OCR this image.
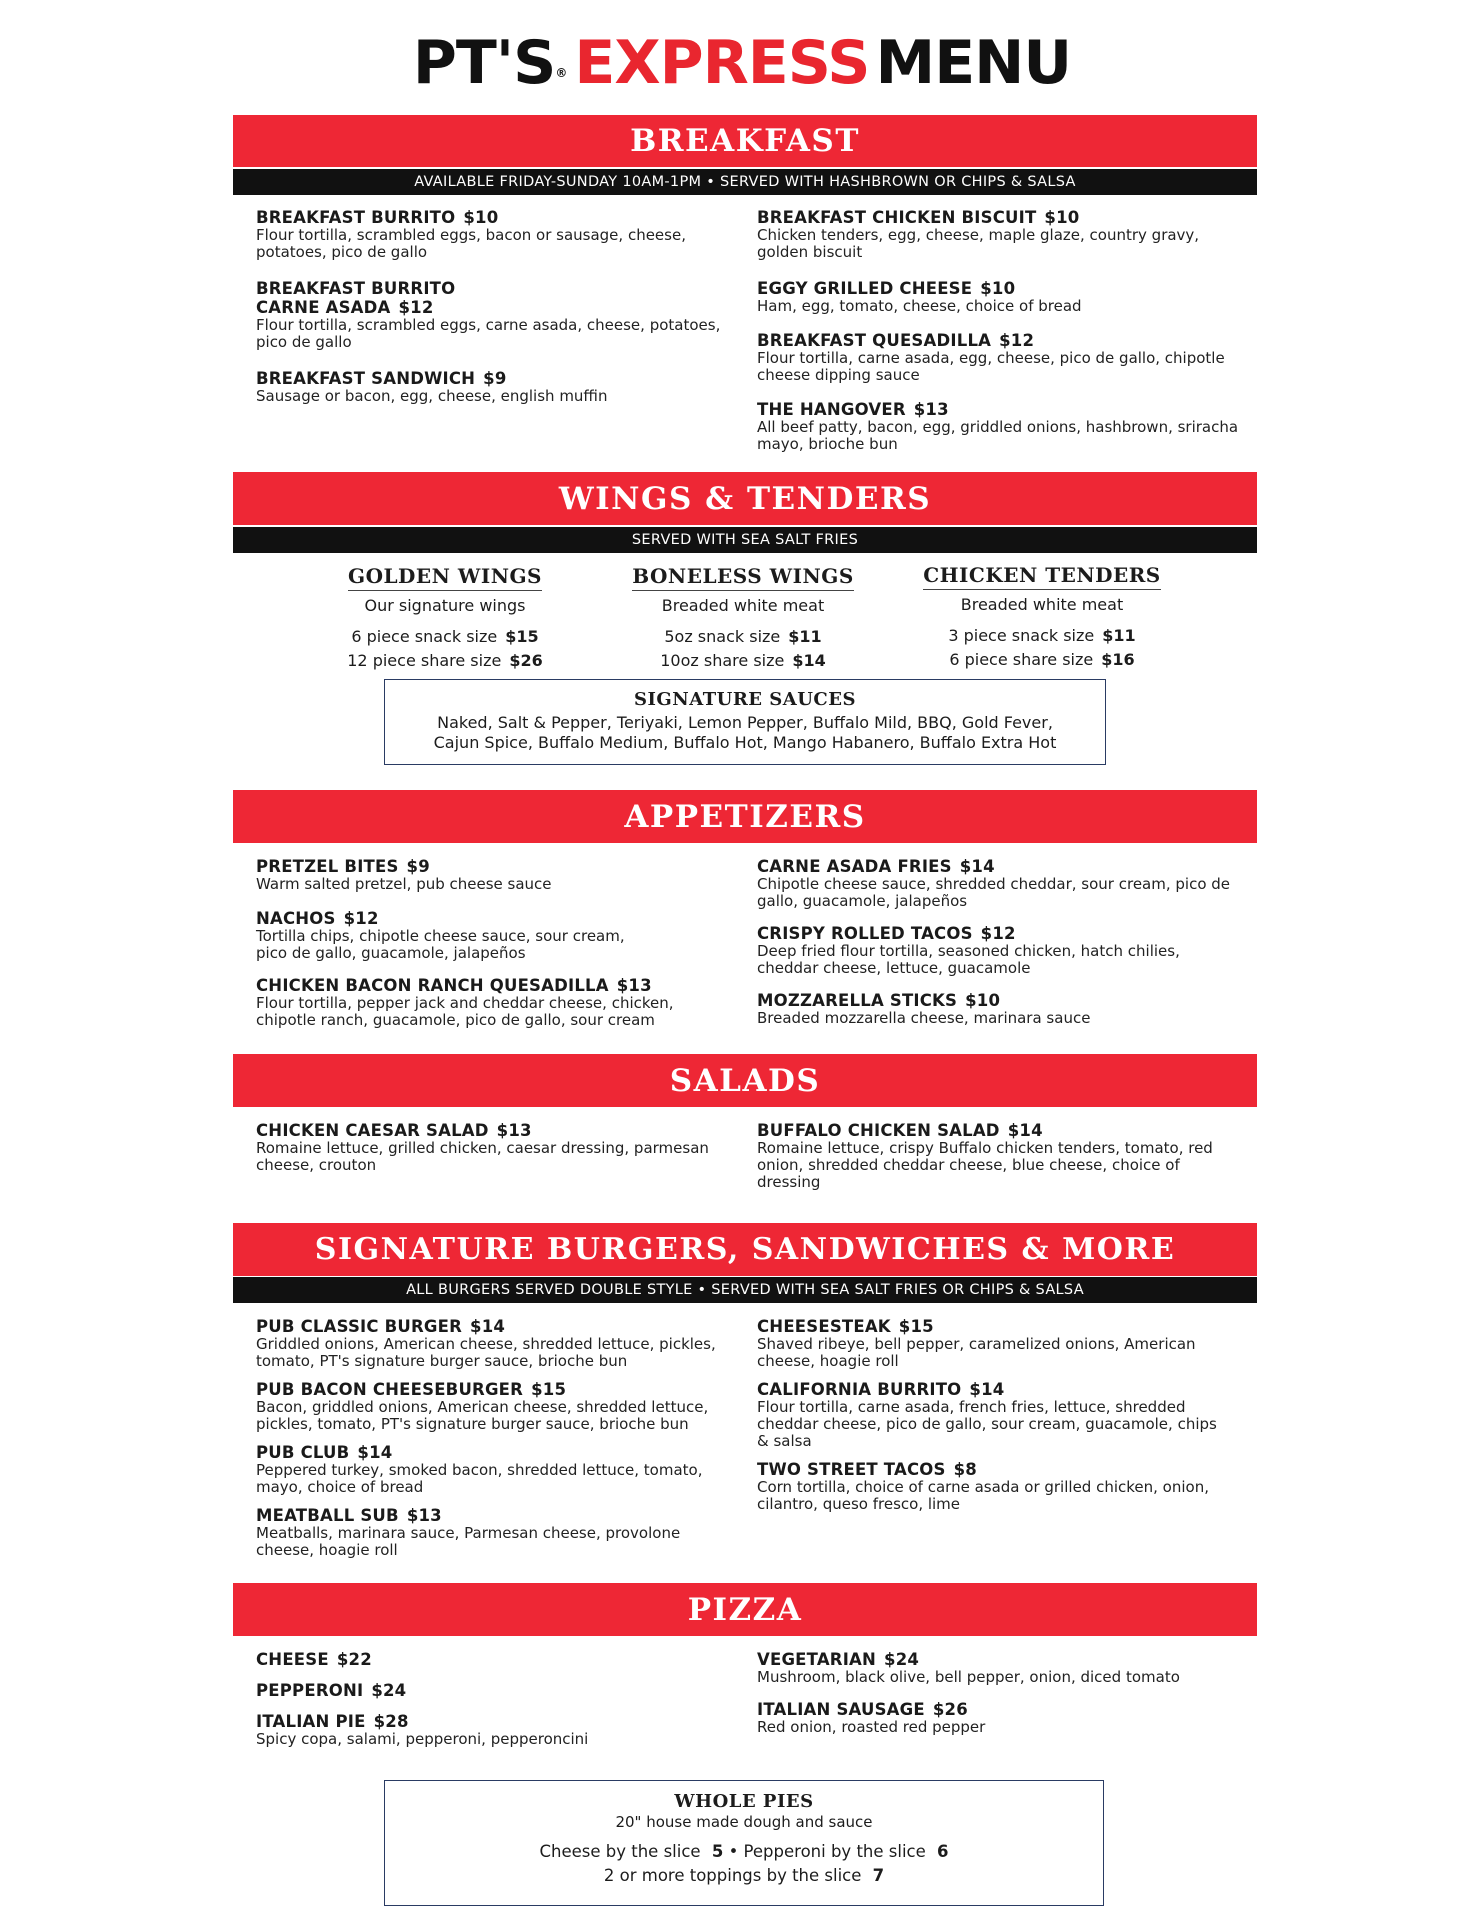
PT'S® EXPRESS MENU
BREAKFAST
AVAILABLE FRIDAY-SUNDAY 10AM-1PM • SERVED WITH HASHBROWN OR CHIPS & SALSA
BREAKFAST BURRITO $10
Flour tortilla, scrambled eggs, bacon or sausage, cheese, potatoes, pico de gallo
BREAKFAST BURRITO
CARNE ASADA $12
Flour tortilla, scrambled eggs, carne asada, cheese, potatoes, pico de gallo
BREAKFAST SANDWICH $9
Sausage or bacon, egg, cheese, english muffin
BREAKFAST CHICKEN BISCUIT $10
Chicken tenders, egg, cheese, maple glaze, country gravy, golden biscuit
EGGY GRILLED CHEESE $10
Ham, egg, tomato, cheese, choice of bread
BREAKFAST QUESADILLA $12
Flour tortilla, carne asada, egg, cheese, pico de gallo, chipotle cheese dipping sauce
THE HANGOVER $13
All beef patty, bacon, egg, griddled onions, hashbrown, sriracha mayo, brioche bun
WINGS & TENDERS
SERVED WITH SEA SALT FRIES
GOLDEN WINGS
Our signature wings
6 piece snack size $15
12 piece share size $26
BONELESS WINGS
Breaded white meat
5oz snack size $11
10oz share size $14
CHICKEN TENDERS
Breaded white meat
3 piece snack size $11
6 piece share size $16
SIGNATURE SAUCES
Naked, Salt & Pepper, Teriyaki, Lemon Pepper, Buffalo Mild, BBQ, Gold Fever,
Cajun Spice, Buffalo Medium, Buffalo Hot, Mango Habanero, Buffalo Extra Hot
APPETIZERS
PRETZEL BITES $9
Warm salted pretzel, pub cheese sauce
NACHOS $12
Tortilla chips, chipotle cheese sauce, sour cream, pico de gallo, guacamole, jalapeños
CHICKEN BACON RANCH QUESADILLA $13
Flour tortilla, pepper jack and cheddar cheese, chicken, chipotle ranch, guacamole, pico de gallo, sour cream
CARNE ASADA FRIES $14
Chipotle cheese sauce, shredded cheddar, sour cream, pico de gallo, guacamole, jalapeños
CRISPY ROLLED TACOS $12
Deep fried flour tortilla, seasoned chicken, hatch chilies, cheddar cheese, lettuce, guacamole
MOZZARELLA STICKS $10
Breaded mozzarella cheese, marinara sauce
SALADS
CHICKEN CAESAR SALAD $13
Romaine lettuce, grilled chicken, caesar dressing, parmesan cheese, crouton
BUFFALO CHICKEN SALAD $14
Romaine lettuce, crispy Buffalo chicken tenders, tomato, red onion, shredded cheddar cheese, blue cheese, choice of dressing
SIGNATURE BURGERS, SANDWICHES & MORE
ALL BURGERS SERVED DOUBLE STYLE • SERVED WITH SEA SALT FRIES OR CHIPS & SALSA
PUB CLASSIC BURGER $14
Griddled onions, American cheese, shredded lettuce, pickles, tomato, PT's signature burger sauce, brioche bun
PUB BACON CHEESEBURGER $15
Bacon, griddled onions, American cheese, shredded lettuce, pickles, tomato, PT's signature burger sauce, brioche bun
PUB CLUB $14
Peppered turkey, smoked bacon, shredded lettuce, tomato, mayo, choice of bread
MEATBALL SUB $13
Meatballs, marinara sauce, Parmesan cheese, provolone cheese, hoagie roll
CHEESESTEAK $15
Shaved ribeye, bell pepper, caramelized onions, American cheese, hoagie roll
CALIFORNIA BURRITO $14
Flour tortilla, carne asada, french fries, lettuce, shredded cheddar cheese, pico de gallo, sour cream, guacamole, chips & salsa
TWO STREET TACOS $8
Corn tortilla, choice of carne asada or grilled chicken, onion, cilantro, queso fresco, lime
PIZZA
CHEESE $22
PEPPERONI $24
ITALIAN PIE $28
Spicy copa, salami, pepperoni, pepperoncini
VEGETARIAN $24
Mushroom, black olive, bell pepper, onion, diced tomato
ITALIAN SAUSAGE $26
Red onion, roasted red pepper
WHOLE PIES
20" house made dough and sauce
Cheese by the slice 5 • Pepperoni by the slice 6
2 or more toppings by the slice 7
